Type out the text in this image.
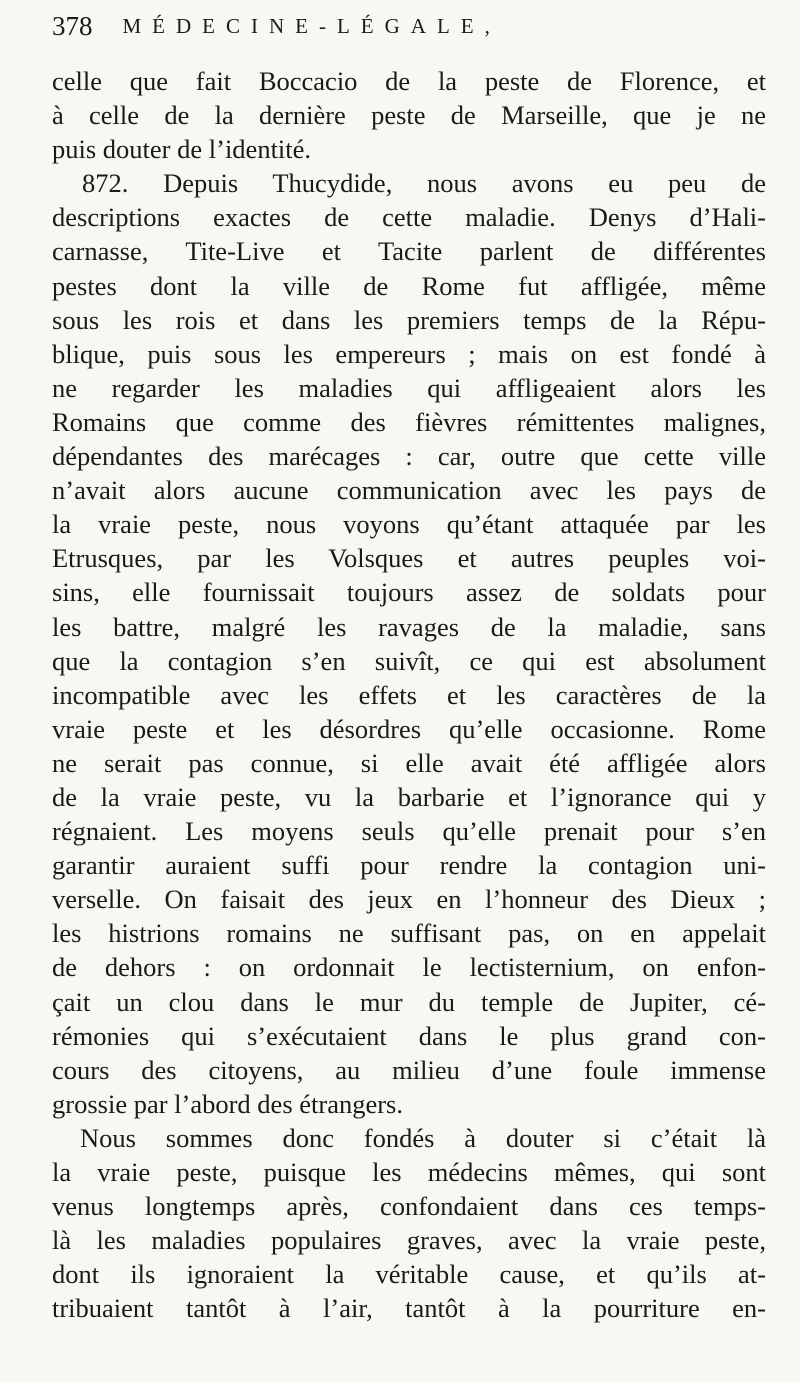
378 MÉDECINE-LÉGALE,
celle que fait Boccacio de la peste de Florence, et
à celle de la dernière peste de Marseille, que je ne
puis douter de l’identité.
872. Depuis Thucydide, nous avons eu peu de
descriptions exactes de cette maladie. Denys d’Hali-
carnasse, Tite-Live et Tacite parlent de différentes
pestes dont la ville de Rome fut affligée, même
sous les rois et dans les premiers temps de la Répu-
blique, puis sous les empereurs ; mais on est fondé à
ne regarder les maladies qui affligeaient alors les
Romains que comme des fièvres rémittentes malignes,
dépendantes des marécages : car, outre que cette ville
n’avait alors aucune communication avec les pays de
la vraie peste, nous voyons qu’étant attaquée par les
Etrusques, par les Volsques et autres peuples voi-
sins, elle fournissait toujours assez de soldats pour
les battre, malgré les ravages de la maladie, sans
que la contagion s’en suivît, ce qui est absolument
incompatible avec les effets et les caractères de la
vraie peste et les désordres qu’elle occasionne. Rome
ne serait pas connue, si elle avait été affligée alors
de la vraie peste, vu la barbarie et l’ignorance qui y
régnaient. Les moyens seuls qu’elle prenait pour s’en
garantir auraient suffi pour rendre la contagion uni-
verselle. On faisait des jeux en l’honneur des Dieux ;
les histrions romains ne suffisant pas, on en appelait
de dehors : on ordonnait le lectisternium, on enfon-
çait un clou dans le mur du temple de Jupiter, cé-
rémonies qui s’exécutaient dans le plus grand con-
cours des citoyens, au milieu d’une foule immense
grossie par l’abord des étrangers.
Nous sommes donc fondés à douter si c’était là
la vraie peste, puisque les médecins mêmes, qui sont
venus longtemps après, confondaient dans ces temps-
là les maladies populaires graves, avec la vraie peste,
dont ils ignoraient la véritable cause, et qu’ils at-
tribuaient tantôt à l’air, tantôt à la pourriture en-
